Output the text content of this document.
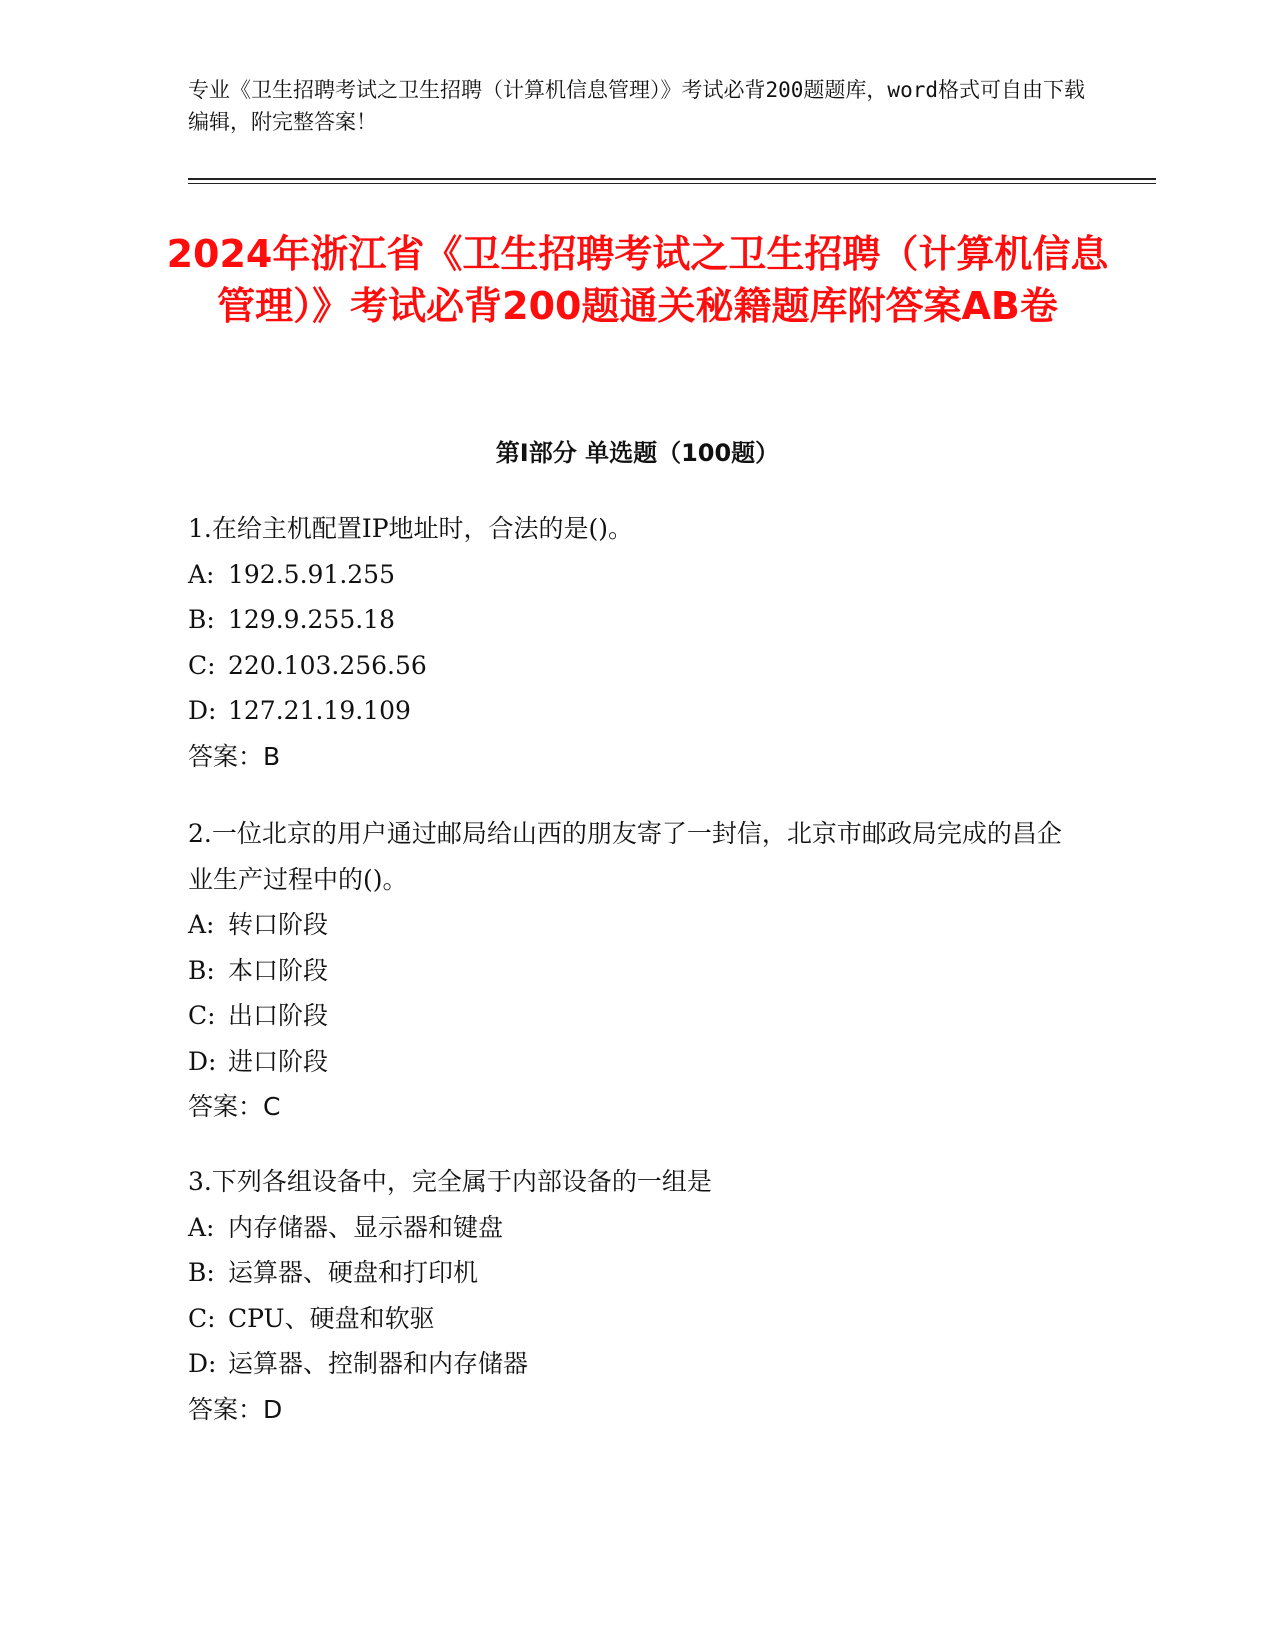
专业《卫生招聘考试之卫生招聘（计算机信息管理）》考试必背200题题库，word格式可自由下载编辑，附完整答案！
2024年浙江省《卫生招聘考试之卫生招聘（计算机信息管理）》考试必背200题通关秘籍题库附答案AB卷
第I部分 单选题（100题）
1.在给主机配置IP地址时，合法的是()。
A: 192.5.91.255
B: 129.9.255.18
C: 220.103.256.56
D: 127.21.19.109
答案：B
2.一位北京的用户通过邮局给山西的朋友寄了一封信，北京市邮政局完成的昌企业生产过程中的()。
A: 转口阶段
B: 本口阶段
C: 出口阶段
D: 进口阶段
答案：C
3.下列各组设备中，完全属于内部设备的一组是
A: 内存储器、显示器和键盘
B: 运算器、硬盘和打印机
C: CPU、硬盘和软驱
D: 运算器、控制器和内存储器
答案：D
